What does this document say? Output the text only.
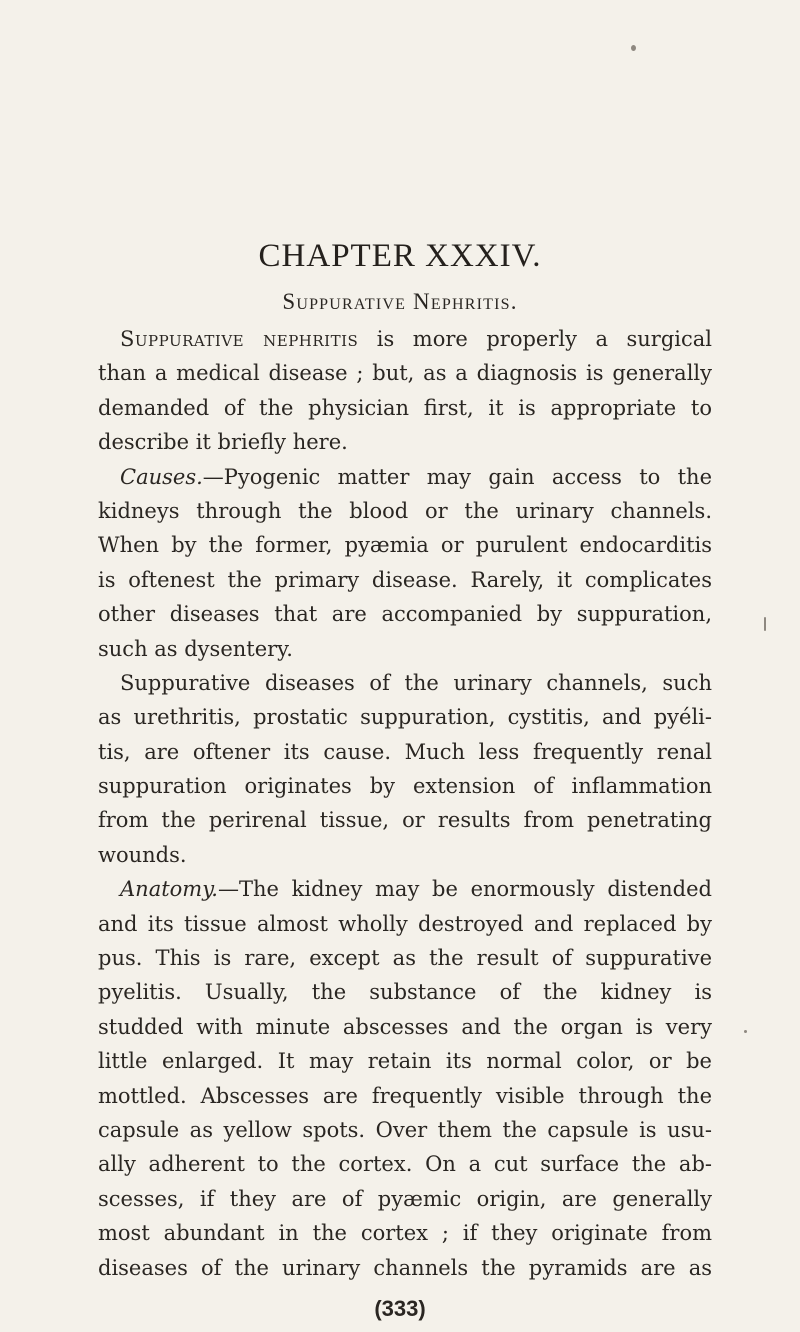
CHAPTER XXXIV.
Suppurative Nephritis.
Suppurative nephritis is more properly a surgical
than a medical disease ; but, as a diagnosis is generally
demanded of the physician first, it is appropriate to
describe it briefly here.
Causes.—Pyogenic matter may gain access to the
kidneys through the blood or the urinary channels.
When by the former, pyæmia or purulent endocarditis
is oftenest the primary disease. Rarely, it complicates
other diseases that are accompanied by suppuration,
such as dysentery.
Suppurative diseases of the urinary channels, such
as urethritis, prostatic suppuration, cystitis, and pyéli-
tis, are oftener its cause. Much less frequently renal
suppuration originates by extension of inflammation
from the perirenal tissue, or results from penetrating
wounds.
Anatomy.—The kidney may be enormously distended
and its tissue almost wholly destroyed and replaced by
pus. This is rare, except as the result of suppurative
pyelitis. Usually, the substance of the kidney is
studded with minute abscesses and the organ is very
little enlarged. It may retain its normal color, or be
mottled. Abscesses are frequently visible through the
capsule as yellow spots. Over them the capsule is usu-
ally adherent to the cortex. On a cut surface the ab-
scesses, if they are of pyæmic origin, are generally
most abundant in the cortex ; if they originate from
diseases of the urinary channels the pyramids are as
(333)
